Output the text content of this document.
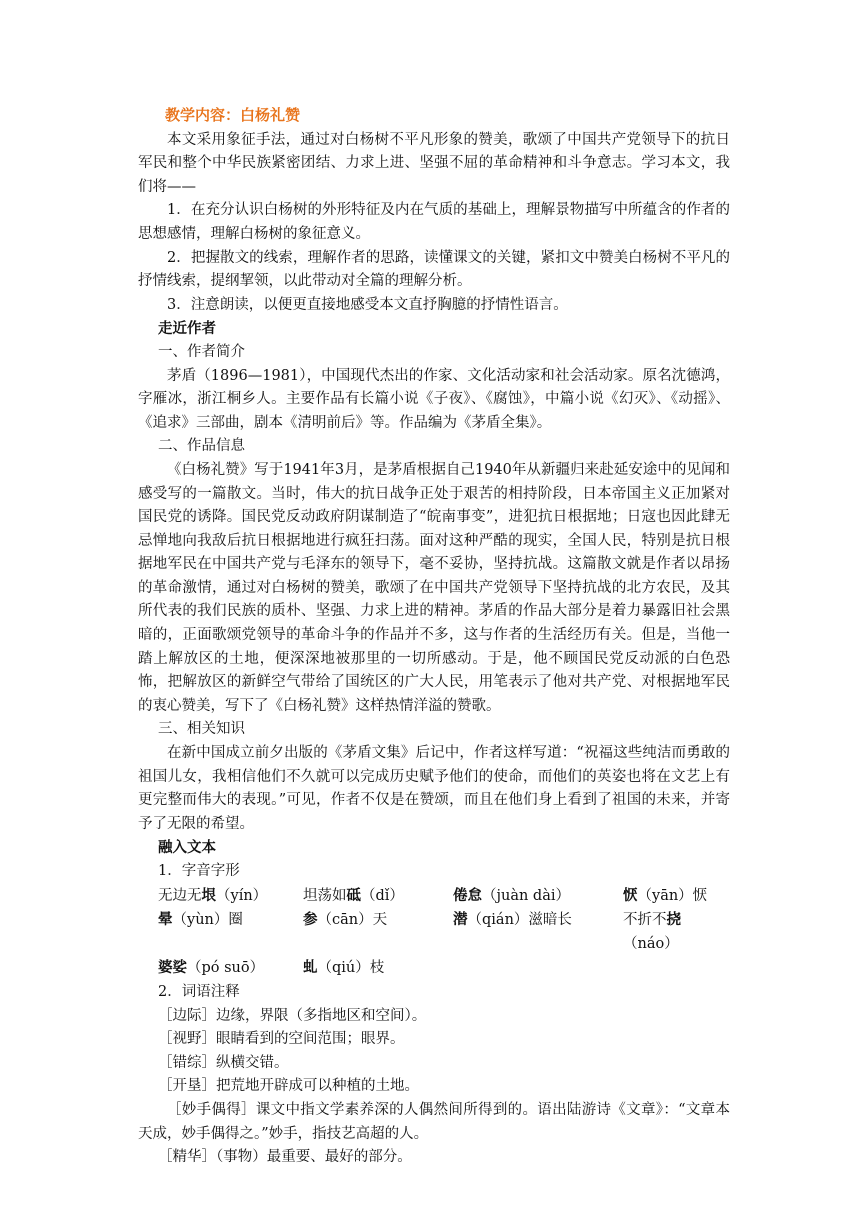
教学内容：白杨礼赞

本文采用象征手法，通过对白杨树不平凡形象的赞美，歌颂了中国共产党领导下的抗日军民和整个中华民族紧密团结、力求上进、坚强不屈的革命精神和斗争意志。学习本文，我们将——

1．在充分认识白杨树的外形特征及内在气质的基础上，理解景物描写中所蕴含的作者的思想感情，理解白杨树的象征意义。

2．把握散文的线索，理解作者的思路，读懂课文的关键，紧扣文中赞美白杨树不平凡的抒情线索，提纲挈领，以此带动对全篇的理解分析。

3．注意朗读，以便更直接地感受本文直抒胸臆的抒情性语言。

走近作者

一、作者简介

茅盾（1896—1981），中国现代杰出的作家、文化活动家和社会活动家。原名沈德鸿，字雁冰，浙江桐乡人。主要作品有长篇小说《子夜》、《腐蚀》，中篇小说《幻灭》、《动摇》、《追求》三部曲，剧本《清明前后》等。作品编为《茅盾全集》。

二、作品信息

《白杨礼赞》写于1941年3月，是茅盾根据自己1940年从新疆归来赴延安途中的见闻和感受写的一篇散文。当时，伟大的抗日战争正处于艰苦的相持阶段，日本帝国主义正加紧对国民党的诱降。国民党反动政府阴谋制造了“皖南事变”，进犯抗日根据地；日寇也因此肆无忌惮地向我敌后抗日根据地进行疯狂扫荡。面对这种严酷的现实，全国人民，特别是抗日根据地军民在中国共产党与毛泽东的领导下，毫不妥协，坚持抗战。这篇散文就是作者以昂扬的革命激情，通过对白杨树的赞美，歌颂了在中国共产党领导下坚持抗战的北方农民，及其所代表的我们民族的质朴、坚强、力求上进的精神。茅盾的作品大部分是着力暴露旧社会黑暗的，正面歌颂党领导的革命斗争的作品并不多，这与作者的生活经历有关。但是，当他一踏上解放区的土地，便深深地被那里的一切所感动。于是，他不顾国民党反动派的白色恐怖，把解放区的新鲜空气带给了国统区的广大人民，用笔表示了他对共产党、对根据地军民的衷心赞美，写下了《白杨礼赞》这样热情洋溢的赞歌。

三、相关知识

在新中国成立前夕出版的《茅盾文集》后记中，作者这样写道：“祝福这些纯洁而勇敢的祖国儿女，我相信他们不久就可以完成历史赋予他们的使命，而他们的英姿也将在文艺上有更完整而伟大的表现。”可见，作者不仅是在赞颂，而且在他们身上看到了祖国的未来，并寄予了无限的希望。

融入文本

1．字音字形

无边无垠（yín）	坦荡如砥（dǐ）	倦怠（juàn dài）	恹（yān）恹
晕（yùn）圈	参（cān）天	潜（qián）滋暗长	不折不挠（náo）
婆娑（pó suō）	虬（qiú）枝

2．词语注释

［边际］边缘，界限（多指地区和空间）。

［视野］眼睛看到的空间范围；眼界。

［错综］纵横交错。

［开垦］把荒地开辟成可以种植的土地。

［妙手偶得］课文中指文学素养深的人偶然间所得到的。语出陆游诗《文章》：“文章本天成，妙手偶得之。”妙手，指技艺高超的人。

［精华］（事物）最重要、最好的部分。
